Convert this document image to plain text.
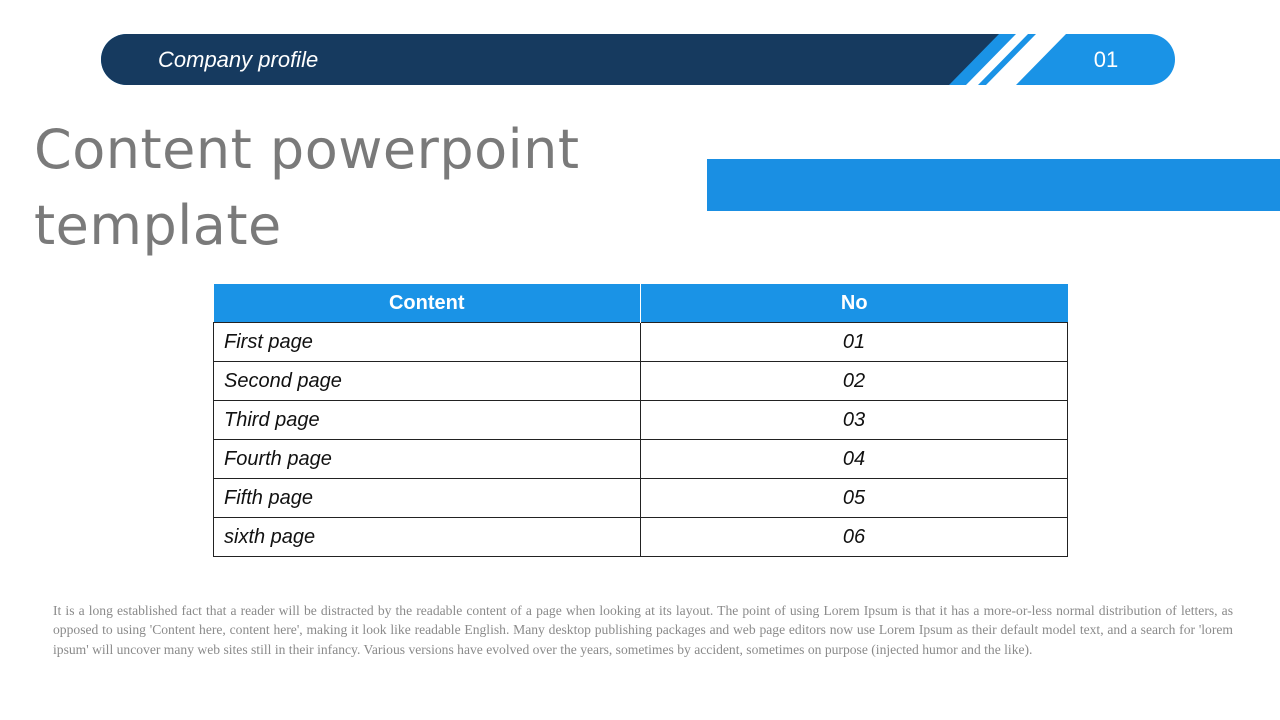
Company profile	01
Content powerpoint template
Content	No
First page	01
Second page	02
Third page	03
Fourth page	04
Fifth page	05
sixth page	06

It is a long established fact that a reader will be distracted by the readable content of a page when looking at its layout. The point of using Lorem Ipsum is that it has a more-or-less normal distribution of letters, as opposed to using 'Content here, content here', making it look like readable English. Many desktop publishing packages and web page editors now use Lorem Ipsum as their default model text, and a search for 'lorem ipsum' will uncover many web sites still in their infancy. Various versions have evolved over the years, sometimes by accident, sometimes on purpose (injected humor and the like).
